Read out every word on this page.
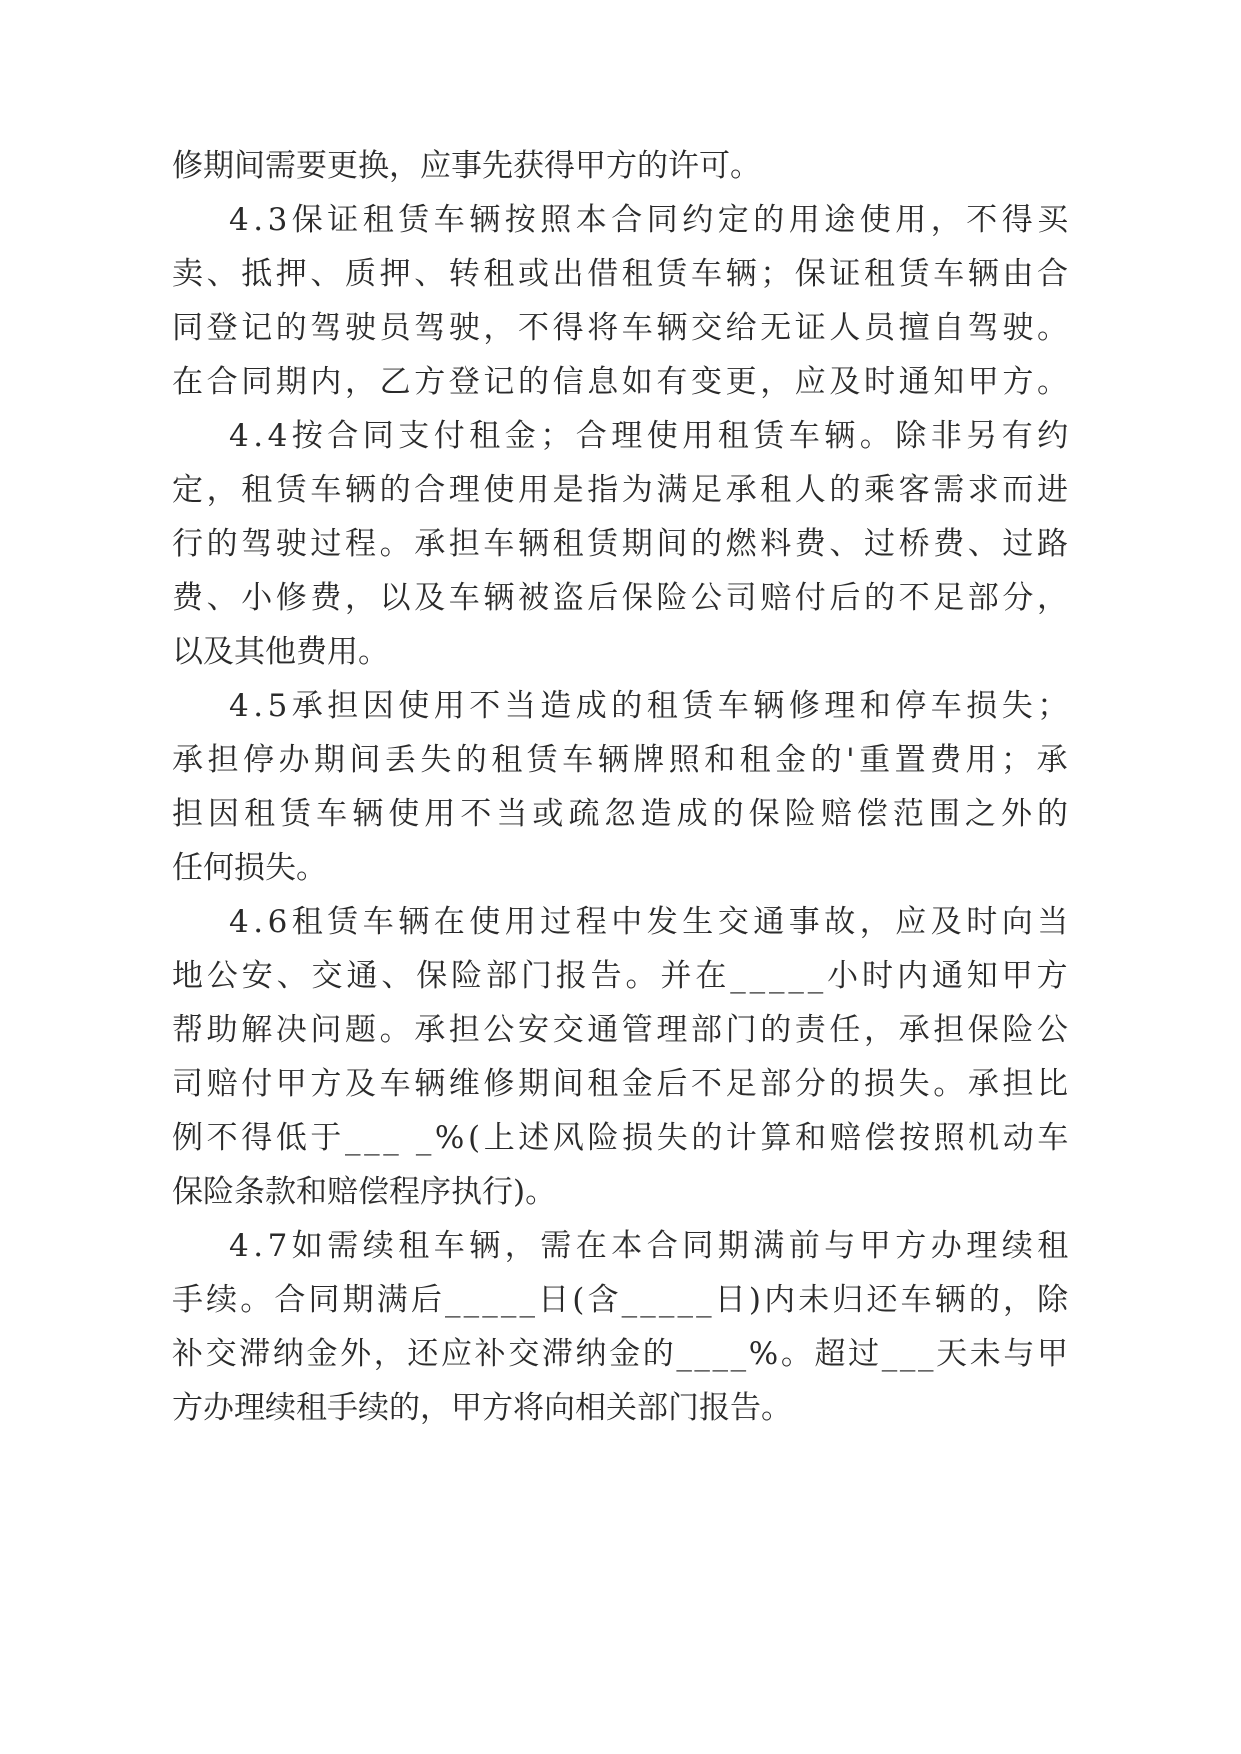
修期间需要更换，应事先获得甲方的许可。
4.3保证租赁车辆按照本合同约定的用途使用，不得买
卖、抵押、质押、转租或出借租赁车辆；保证租赁车辆由合
同登记的驾驶员驾驶，不得将车辆交给无证人员擅自驾驶。
在合同期内，乙方登记的信息如有变更，应及时通知甲方。
4.4按合同支付租金；合理使用租赁车辆。除非另有约
定，租赁车辆的合理使用是指为满足承租人的乘客需求而进
行的驾驶过程。承担车辆租赁期间的燃料费、过桥费、过路
费、小修费，以及车辆被盗后保险公司赔付后的不足部分，
以及其他费用。
4.5承担因使用不当造成的租赁车辆修理和停车损失；
承担停办期间丢失的租赁车辆牌照和租金的'重置费用；承
担因租赁车辆使用不当或疏忽造成的保险赔偿范围之外的
任何损失。
4.6租赁车辆在使用过程中发生交通事故，应及时向当
地公安、交通、保险部门报告。并在_____小时内通知甲方
帮助解决问题。承担公安交通管理部门的责任，承担保险公
司赔付甲方及车辆维修期间租金后不足部分的损失。承担比
例不得低于___ _%(上述风险损失的计算和赔偿按照机动车
保险条款和赔偿程序执行)。
4.7如需续租车辆，需在本合同期满前与甲方办理续租
手续。合同期满后_____日(含_____日)内未归还车辆的，除
补交滞纳金外，还应补交滞纳金的____%。超过___天未与甲
方办理续租手续的，甲方将向相关部门报告。
